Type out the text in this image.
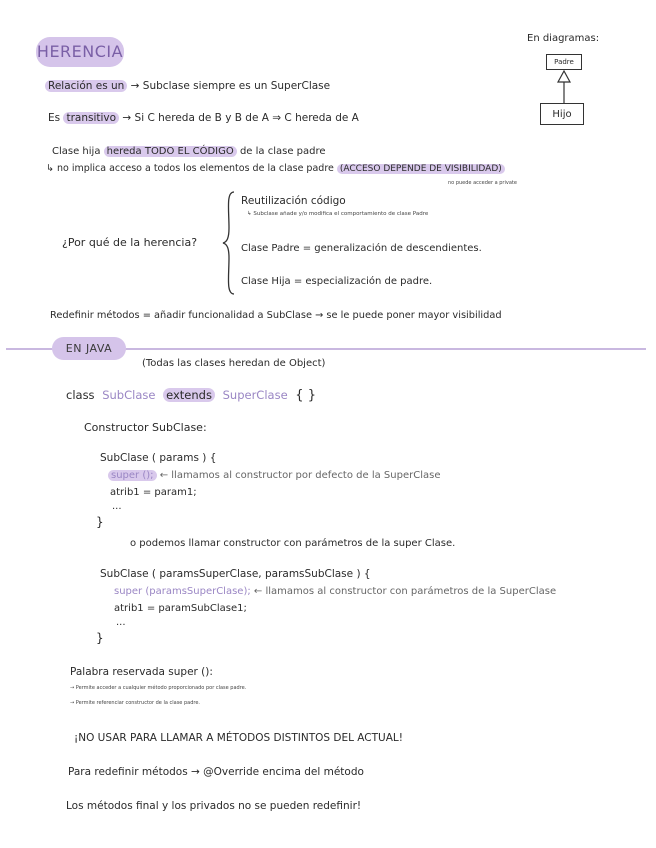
HERENCIA
En diagramas:
Padre
Hijo
Relación es un → Subclase siempre es un SuperClase
Es transitivo → Si C hereda de B y B de A ⇒ C hereda de A
Clase hija hereda TODO EL CÓDIGO de la clase padre
↳ no implica acceso a todos los elementos de la clase padre (ACCESO DEPENDE DE VISIBILIDAD)
no puede acceder a private
¿Por qué de la herencia?
Reutilización código
↳ Subclase añade y/o modifica el comportamiento de clase Padre
Clase Padre = generalización de descendientes.
Clase Hija = especialización de padre.
Redefinir métodos = añadir funcionalidad a SubClase → se le puede poner mayor visibilidad
EN JAVA
(Todas las clases heredan de Object)
class SubClase extends SuperClase { }
Constructor SubClase:
SubClase ( params ) {
super (); ← llamamos al constructor por defecto de la SuperClase
atrib1 = param1;
...
}
o podemos llamar constructor con parámetros de la super Clase.
SubClase ( paramsSuperClase, paramsSubClase ) {
super (paramsSuperClase); ← llamamos al constructor con parámetros de la SuperClase
atrib1 = paramSubClase1;
...
}
Palabra reservada super ():
→ Permite acceder a cualquier método proporcionado por clase padre.
→ Permite referenciar constructor de la clase padre.
¡NO USAR PARA LLAMAR A MÉTODOS DISTINTOS DEL ACTUAL!
Para redefinir métodos → @Override encima del método
Los métodos final y los privados no se pueden redefinir!
